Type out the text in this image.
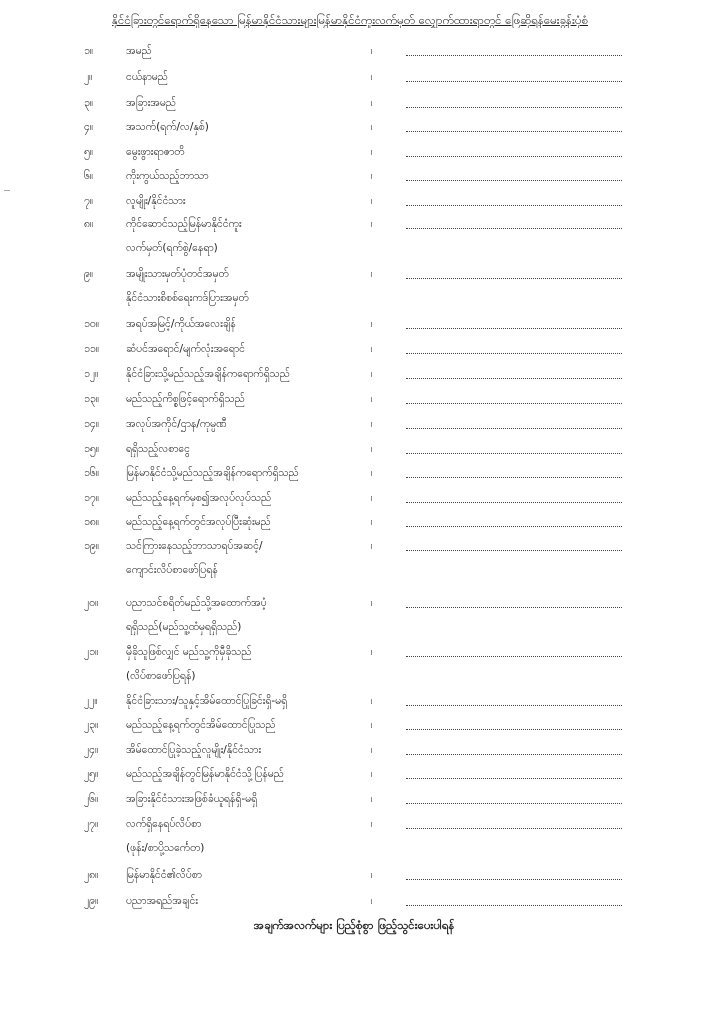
နိုင်ငံခြားတွင်ရောက်ရှိနေသော မြန်မာနိုင်ငံသားများမြန်မာနိုင်ငံကူးလက်မှတ် လျှောက်ထားရာတွင် ဖြေဆိုရန်မေးခွန်းပုံစံ
၁။	အမည်	၊
၂။	ငယ်နာမည်	၊
၃။	အခြားအမည်	၊
၄။	အသက်(ရက်/လ/နှစ်)	၊
၅။	မွေးဖွားရာဇာတိ	၊
၆။	ကိုးကွယ်သည့်ဘာသာ	၊
၇။	လူမျိုး/နိုင်ငံသား	၊
၈။	ကိုင်ဆောင်သည့်မြန်မာနိုင်ငံကူး	၊
လက်မှတ်(ရက်စွဲ/နေရာ)
၉။	အမျိုးသားမှတ်ပုံတင်အမှတ်	၊
နိုင်ငံသားစိစစ်ရေးကဒ်ပြားအမှတ်
၁၀။	အရပ်အမြင့်/ကိုယ်အလေးချိန်	၊
၁၁။	ဆံပင်အရောင်/မျက်လုံးအရောင်	၊
၁၂။	နိုင်ငံခြားသို့မည်သည့်အချိန်ကရောက်ရှိသည်	၊
၁၃။	မည်သည့်ကိစ္စဖြင့်ရောက်ရှိသည်	၊
၁၄။	အလုပ်အကိုင်/ဌာန/ကုမ္ပဏီ	၊
၁၅။	ရရှိသည့်လစာငွေ	၊
၁၆။	မြန်မာနိုင်ငံသို့မည်သည့်အချိန်ကရောက်ရှိသည်	၊
၁၇။	မည်သည့်နေ့ရက်မှစ၍အလုပ်လုပ်သည်	၊
၁၈။	မည်သည့်နေ့ရက်တွင်အလုပ်ပြီးဆုံးမည်	၊
၁၉။	သင်ကြားနေသည့်ဘာသာရပ်အဆင့်/	၊
ကျောင်းလိပ်စာဖော်ပြရန်
၂၀။	ပညာသင်စရိတ်မည်သို့အထောက်အပံ့	၊
ရရှိသည်(မည်သူ့ထံမှရရှိသည်)
၂၁။	မှီခိုသူဖြစ်လျှင် မည်သူ့ကိုမှီခိုသည်	၊
(လိပ်စာဖော်ပြရန်)
၂၂။	နိုင်ငံခြားသား/သူနှင့်အိမ်ထောင်ပြုခြင်းရှိ-မရှိ	၊
၂၃။	မည်သည့်နေ့ရက်တွင်အိမ်ထောင်ပြုသည်	၊
၂၄။	အိမ်ထောင်ပြုခဲ့သည့်လူမျိုး/နိုင်ငံသား	၊
၂၅။	မည်သည့်အချိန်တွင်မြန်မာနိုင်ငံသို့ပြန်မည်	၊
၂၆။	အခြားနိုင်ငံသားအဖြစ်ခံယူရန်ရှိ-မရှိ	၊
၂၇။	လက်ရှိနေရပ်လိပ်စာ	၊
(ဖုန်း/စာပို့သင်္ကေတ)
၂၈။	မြန်မာနိုင်ငံ၏လိပ်စာ	၊
၂၉။	ပညာအရည်အချင်း	၊
အချက်အလက်များ ပြည့်စုံစွာ ဖြည့်သွင်းပေးပါရန်
